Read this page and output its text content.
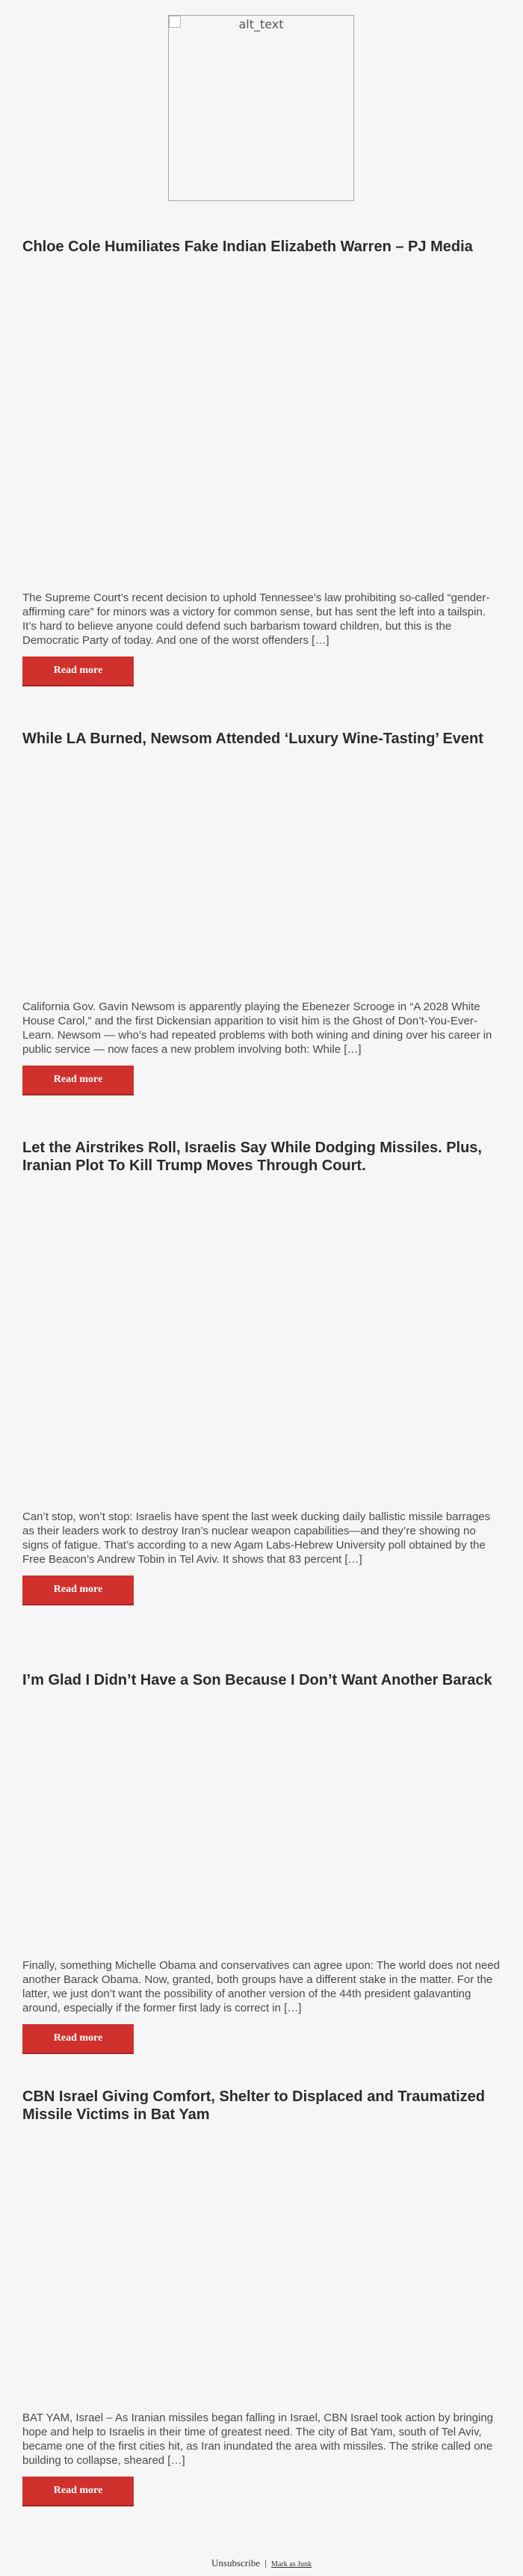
alt_text
Chloe Cole Humiliates Fake Indian Elizabeth Warren – PJ Media

The Supreme Court’s recent decision to uphold Tennessee’s law prohibiting so-called “gender-affirming care” for minors was a victory for common sense, but has sent the left into a tailspin. It’s hard to believe anyone could defend such barbarism toward children, but this is the Democratic Party of today. And one of the worst offenders […]

Read more
While LA Burned, Newsom Attended ‘Luxury Wine-Tasting’ Event

California Gov. Gavin Newsom is apparently playing the Ebenezer Scrooge in “A 2028 White House Carol,” and the first Dickensian apparition to visit him is the Ghost of Don’t-You-Ever-Learn. Newsom — who’s had repeated problems with both wining and dining over his career in public service — now faces a new problem involving both: While […]

Read more
Let the Airstrikes Roll, Israelis Say While Dodging Missiles. Plus, Iranian Plot To Kill Trump Moves Through Court.

Can’t stop, won’t stop: Israelis have spent the last week ducking daily ballistic missile barrages as their leaders work to destroy Iran’s nuclear weapon capabilities—and they’re showing no signs of fatigue. That’s according to a new Agam Labs-Hebrew University poll obtained by the Free Beacon’s Andrew Tobin in Tel Aviv. It shows that 83 percent […]

Read more
I’m Glad I Didn’t Have a Son Because I Don’t Want Another Barack

Finally, something Michelle Obama and conservatives can agree upon: The world does not need another Barack Obama. Now, granted, both groups have a different stake in the matter. For the latter, we just don’t want the possibility of another version of the 44th president galavanting around, especially if the former first lady is correct in […]

Read more
CBN Israel Giving Comfort, Shelter to Displaced and Traumatized Missile Victims in Bat Yam

BAT YAM, Israel – As Iranian missiles began falling in Israel, CBN Israel took action by bringing hope and help to Israelis in their time of greatest need. The city of Bat Yam, south of Tel Aviv, became one of the first cities hit, as Iran inundated the area with missiles. The strike called one building to collapse, sheared […]

Read more
Unsubscribe | Mark as Junk
